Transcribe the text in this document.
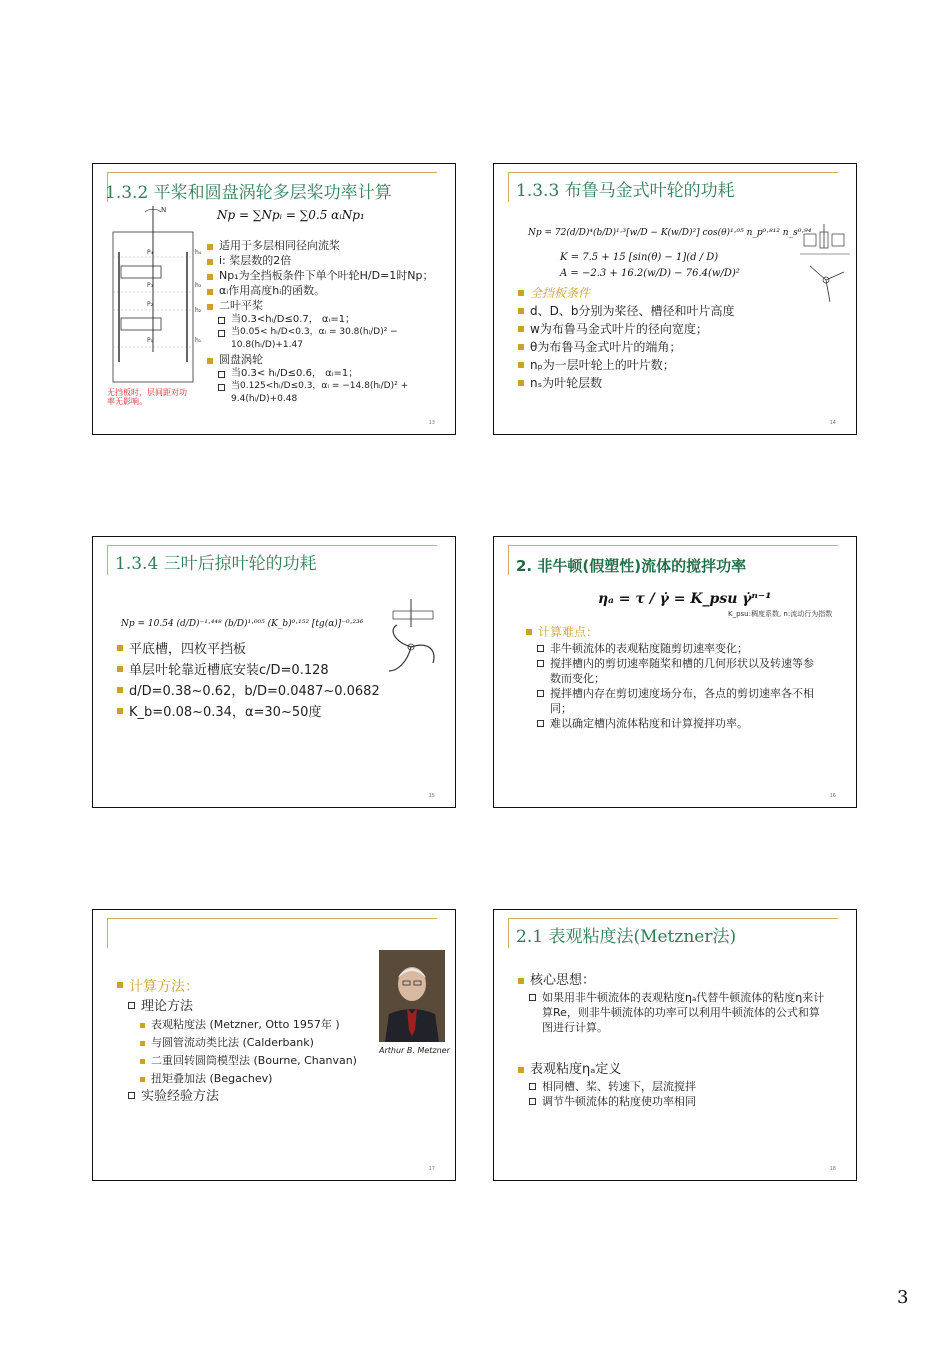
1.3.2 平桨和圆盘涡轮多层桨功率计算
N
P₄
P₃
P₂
P₁
h₄
h₃
h₂
h₁
无挡板时，层间距对功率无影响。
Np = ∑Npᵢ = ∑0.5 αᵢNp₁
适用于多层相同径向流桨
i: 桨层数的2倍
Np₁为全挡板条件下单个叶轮H/D=1时Np；
αᵢ作用高度hᵢ的函数。
二叶平桨
当0.3<hᵢ/D≤0.7， αᵢ=1；
当0.05< hᵢ/D<0.3，αᵢ = 30.8(hᵢ/D)² − 10.8(hᵢ/D)+1.47
圆盘涡轮
当0.3< hᵢ/D≤0.6， αᵢ=1；
当0.125<hᵢ/D≤0.3，αᵢ = −14.8(hᵢ/D)² + 9.4(hᵢ/D)+0.48
13
1.3.3 布鲁马金式叶轮的功耗
Np = 72(d/D)⁴(b/D)¹·³[w/D − K(w/D)²] cos(θ)¹·⁰⁵ n_p⁰·⁸¹² n_s⁰·⁹⁴
K = 7.5 + 15 [sin(θ) − 1](d / D)
A = −2.3 + 16.2(w/D) − 76.4(w/D)²
全挡板条件
d、D、b分别为桨径、槽径和叶片高度
w为布鲁马金式叶片的径向宽度；
θ为布鲁马金式叶片的端角；
nₚ为一层叶轮上的叶片数；
nₛ为叶轮层数
14
1.3.4 三叶后掠叶轮的功耗
Np = 10.54 (d/D)⁻¹·⁴⁴⁸ (b/D)¹·⁰⁰⁵ (K_b)⁰·¹⁵² [tg(α)]⁻⁰·²³⁶
平底槽，四枚平挡板
单层叶轮靠近槽底安装c/D=0.128
d/D=0.38~0.62，b/D=0.0487~0.0682
K_b=0.08~0.34，α=30~50度
15
2. 非牛顿(假塑性)流体的搅拌功率
ηₐ = τ / γ̇ = K_psu γ̇ⁿ⁻¹
K_psu:稠度系数, n:流动行为指数
计算难点：
非牛顿流体的表观粘度随剪切速率变化；
搅拌槽内的剪切速率随桨和槽的几何形状以及转速等参数而变化；
搅拌槽内存在剪切速度场分布，各点的剪切速率各不相同；
难以确定槽内流体粘度和计算搅拌功率。
16
Arthur B. Metzner
计算方法：
理论方法
表观粘度法 (Metzner, Otto 1957年 )
与圆管流动类比法 (Calderbank)
二重回转圆筒模型法 (Bourne, Chanvan)
扭矩叠加法 (Begachev)
实验经验方法
17
2.1 表观粘度法(Metzner法)
核心思想：
如果用非牛顿流体的表观粘度ηₐ代替牛顿流体的粘度η来计算Re，则非牛顿流体的功率可以利用牛顿流体的公式和算图进行计算。
表观粘度ηₐ定义
相同槽、桨、转速下，层流搅拌
调节牛顿流体的粘度使功率相同
18
3
